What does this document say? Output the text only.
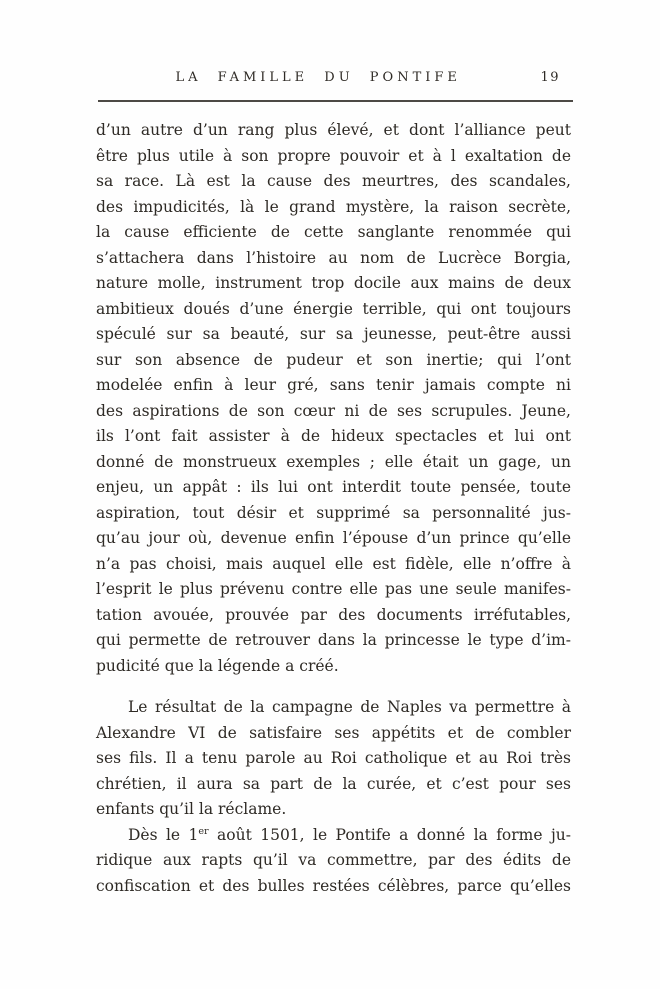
LA FAMILLE DU PONTIFE	19

d’un autre d’un rang plus élevé, et dont l’alliance peut
être plus utile à son propre pouvoir et à l exaltation de
sa race. Là est la cause des meurtres, des scandales,
des impudicités, là le grand mystère, la raison secrète,
la cause efficiente de cette sanglante renommée qui
s’attachera dans l’histoire au nom de Lucrèce Borgia,
nature molle, instrument trop docile aux mains de deux
ambitieux doués d’une énergie terrible, qui ont toujours
spéculé sur sa beauté, sur sa jeunesse, peut-être aussi
sur son absence de pudeur et son inertie; qui l’ont
modelée enfin à leur gré, sans tenir jamais compte ni
des aspirations de son cœur ni de ses scrupules. Jeune,
ils l’ont fait assister à de hideux spectacles et lui ont
donné de monstrueux exemples ; elle était un gage, un
enjeu, un appât : ils lui ont interdit toute pensée, toute
aspiration, tout désir et supprimé sa personnalité jus-
qu’au jour où, devenue enfin l’épouse d’un prince qu’elle
n’a pas choisi, mais auquel elle est fidèle, elle n’offre à
l’esprit le plus prévenu contre elle pas une seule manifes-
tation avouée, prouvée par des documents irréfutables,
qui permette de retrouver dans la princesse le type d’im-
pudicité que la légende a créé.

Le résultat de la campagne de Naples va permettre à
Alexandre VI de satisfaire ses appétits et de combler
ses fils. Il a tenu parole au Roi catholique et au Roi très
chrétien, il aura sa part de la curée, et c’est pour ses
enfants qu’il la réclame.

Dès le 1er août 1501, le Pontife a donné la forme ju-
ridique aux rapts qu’il va commettre, par des édits de
confiscation et des bulles restées célèbres, parce qu’elles
